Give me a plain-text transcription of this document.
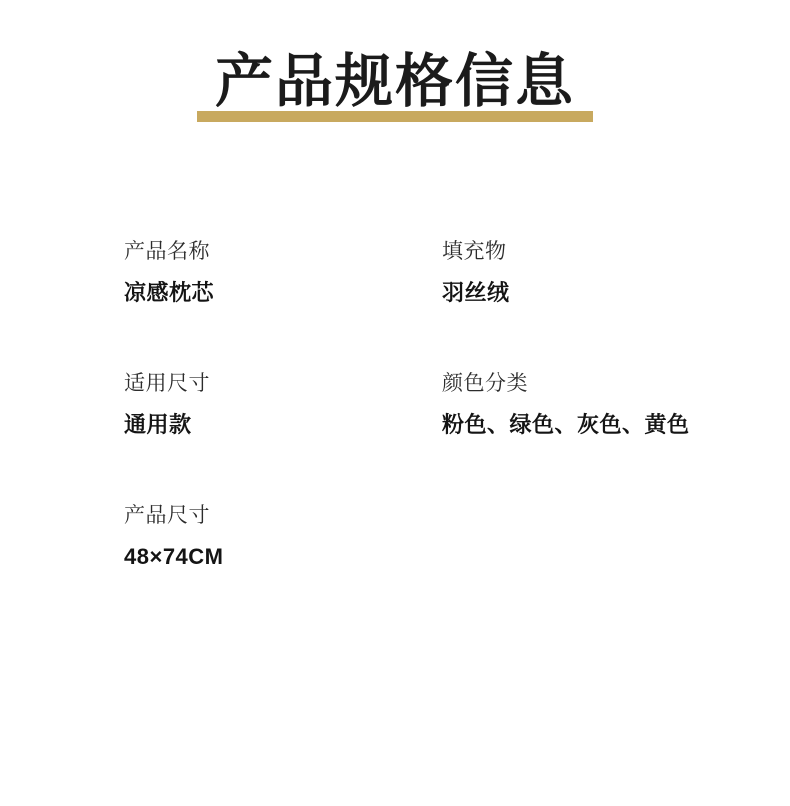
产品规格信息
产品名称
凉感枕芯
填充物
羽丝绒
适用尺寸
通用款
颜色分类
粉色、绿色、灰色、黄色
产品尺寸
48×74CM
